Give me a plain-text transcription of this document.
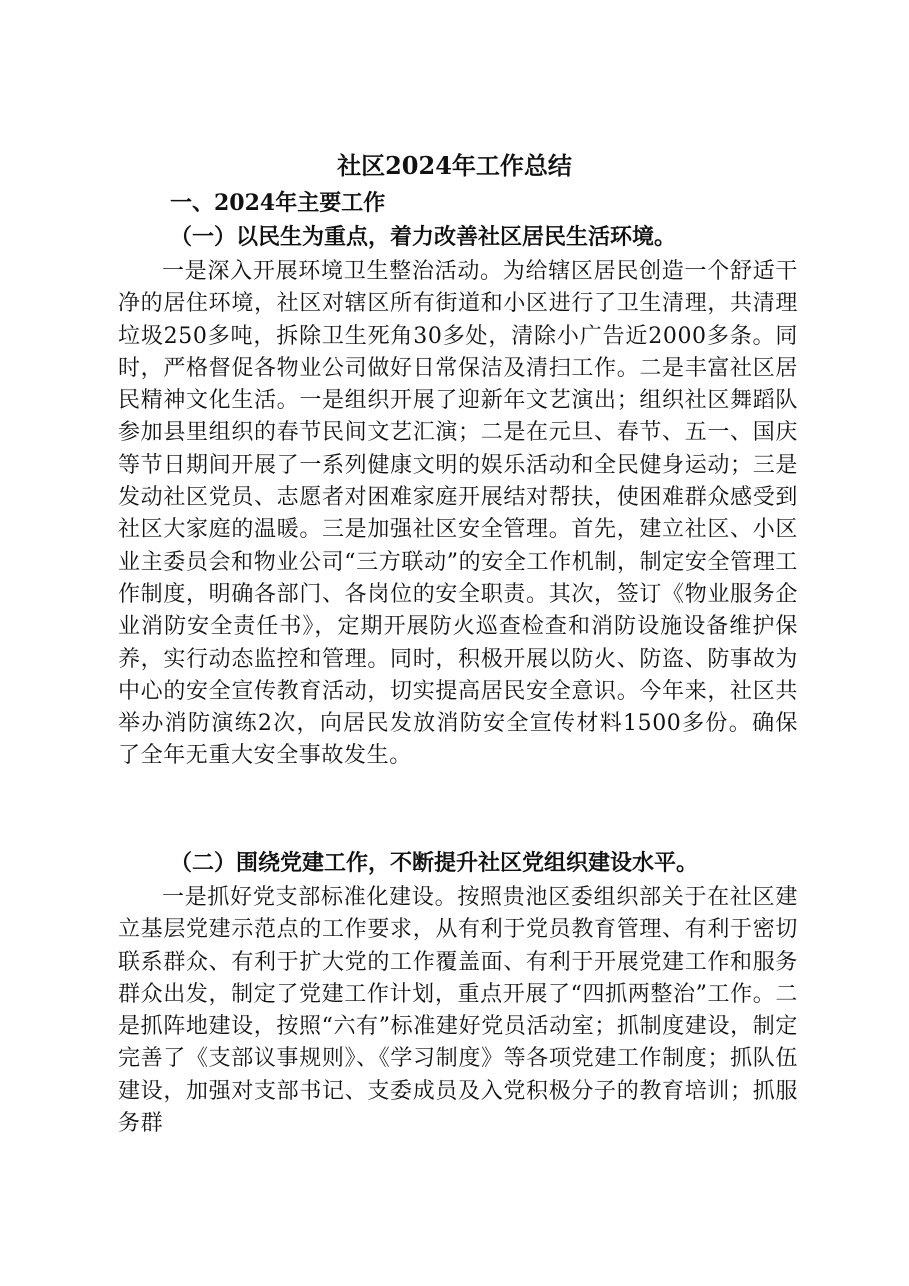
社区2024年工作总结
一、2024年主要工作
（一）以民生为重点，着力改善社区居民生活环境。
一是深入开展环境卫生整治活动。为给辖区居民创造一个舒适干净的居住环境，社区对辖区所有街道和小区进行了卫生清理，共清理垃圾250多吨，拆除卫生死角30多处，清除小广告近2000多条。同时，严格督促各物业公司做好日常保洁及清扫工作。二是丰富社区居民精神文化生活。一是组织开展了迎新年文艺演出；组织社区舞蹈队参加县里组织的春节民间文艺汇演；二是在元旦、春节、五一、国庆等节日期间开展了一系列健康文明的娱乐活动和全民健身运动；三是发动社区党员、志愿者对困难家庭开展结对帮扶，使困难群众感受到社区大家庭的温暖。三是加强社区安全管理。首先，建立社区、小区业主委员会和物业公司“三方联动”的安全工作机制，制定安全管理工作制度，明确各部门、各岗位的安全职责。其次，签订《物业服务企业消防安全责任书》，定期开展防火巡查检查和消防设施设备维护保养，实行动态监控和管理。同时，积极开展以防火、防盗、防事故为中心的安全宣传教育活动，切实提高居民安全意识。今年来，社区共举办消防演练2次，向居民发放消防安全宣传材料1500多份。确保了全年无重大安全事故发生。
（二）围绕党建工作，不断提升社区党组织建设水平。
一是抓好党支部标准化建设。按照贵池区委组织部关于在社区建立基层党建示范点的工作要求，从有利于党员教育管理、有利于密切联系群众、有利于扩大党的工作覆盖面、有利于开展党建工作和服务群众出发，制定了党建工作计划，重点开展了“四抓两整治”工作。二是抓阵地建设，按照“六有”标准建好党员活动室；抓制度建设，制定完善了《支部议事规则》、《学习制度》等各项党建工作制度；抓队伍建设，加强对支部书记、支委成员及入党积极分子的教育培训；抓服务群
